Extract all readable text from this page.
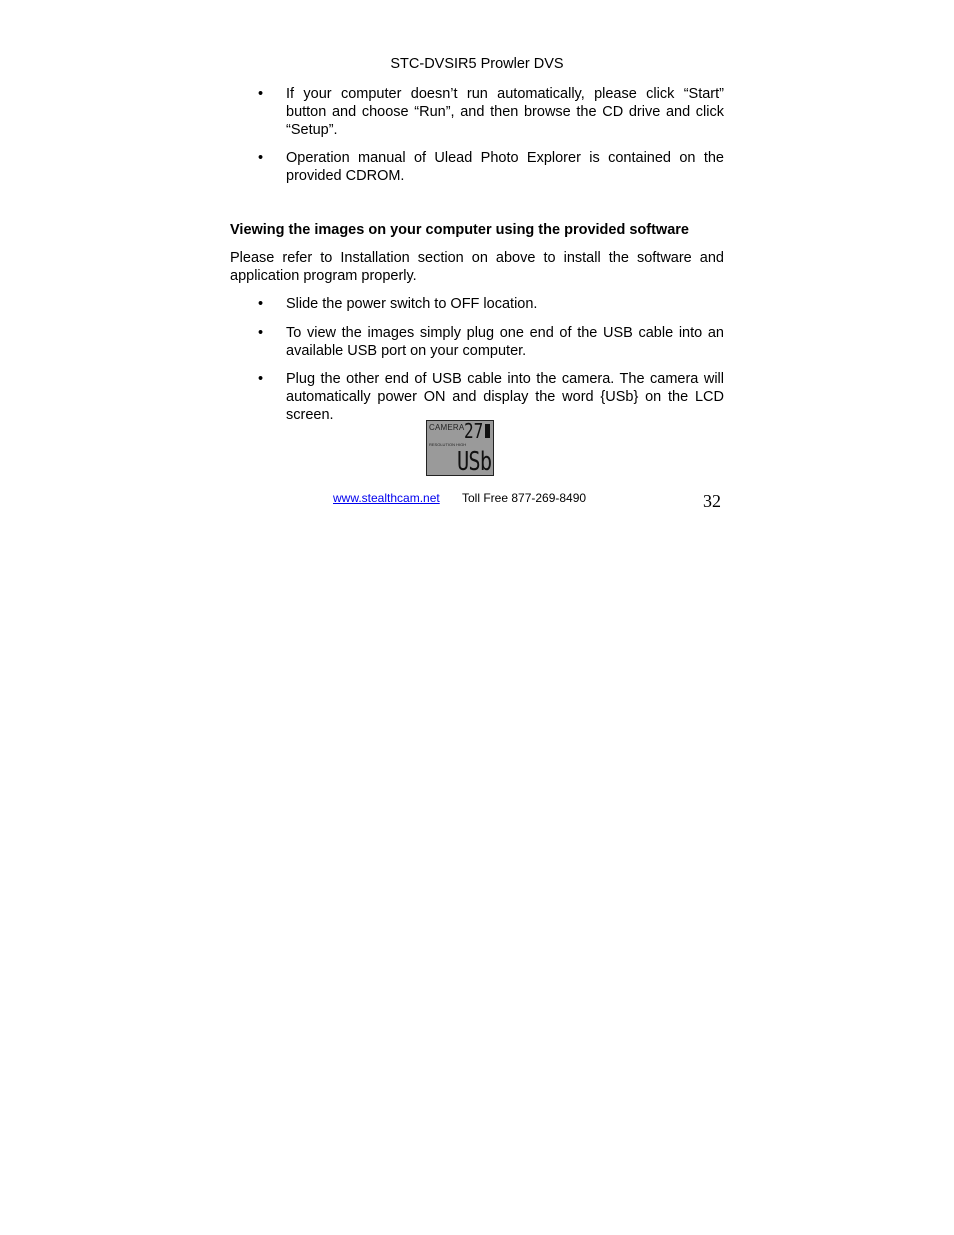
STC-DVSIR5 Prowler DVS
• If your computer doesn’t run automatically, please click “Start” button and choose “Run”, and then browse the CD drive and click “Setup”.
• Operation manual of Ulead Photo Explorer is contained on the provided CDROM.
Viewing the images on your computer using the provided software
Please refer to Installation section on above to install the software and application program properly.
• Slide the power switch to OFF location.
• To view the images simply plug one end of the USB cable into an available USB port on your computer.
• Plug the other end of USB cable into the camera. The camera will automatically power ON and display the word {USb} on the LCD screen.
CAMERA 27
RESOLUTION HIGH
USb
www.stealthcam.net Toll Free 877-269-8490	32
